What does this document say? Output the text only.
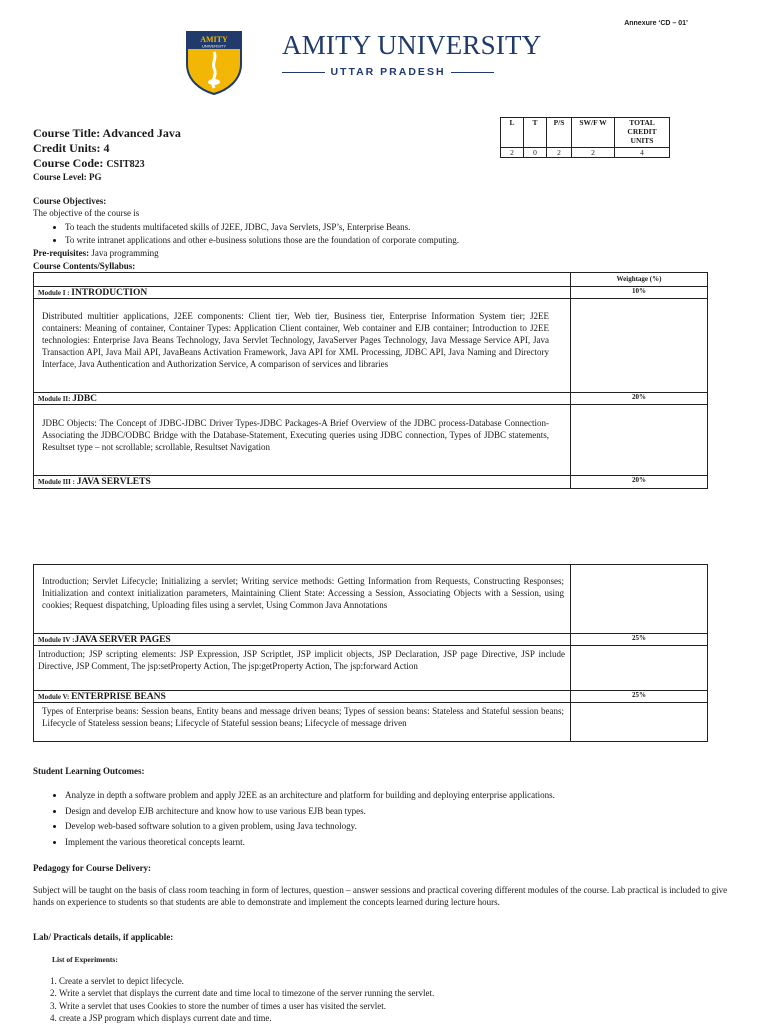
Annexure ‘CD – 01’
AMITY
UNIVERSITY AMITY UNIVERSITY
UTTAR PRADESH
Course Title: Advanced Java
Credit Units: 4
Course Code: CSIT823
Course Level: PG
L	T	P/S	SW/F W	TOTAL CREDIT UNITS
2	0	2	2	4
Course Objectives:
The objective of the course is
• To teach the students multifaceted skills of J2EE, JDBC, Java Servlets, JSP’s, Enterprise Beans.
• To write intranet applications and other e-business solutions those are the foundation of corporate computing.
Pre-requisites: Java programming
Course Contents/Syllabus:
Weightage (%)
Module I : INTRODUCTION	10%
Distributed multitier applications, J2EE components: Client tier, Web tier, Business tier, Enterprise Information System tier; J2EE containers: Meaning of container, Container Types: Application Client container, Web container and EJB container; Introduction to J2EE technologies: Enterprise Java Beans Technology, Java Servlet Technology, JavaServer Pages Technology, Java Message Service API, Java Transaction API, Java Mail API, JavaBeans Activation Framework, Java API for XML Processing, JDBC API, Java Naming and Directory Interface, Java Authentication and Authorization Service, A comparison of services and libraries
Module II: JDBC	20%
JDBC Objects: The Concept of JDBC-JDBC Driver Types-JDBC Packages-A Brief Overview of the JDBC process-Database Connection-Associating the JDBC/ODBC Bridge with the Database-Statement, Executing queries using JDBC connection, Types of JDBC statements, Resultset type – not scrollable; scrollable, Resultset Navigation
Module III : JAVA SERVLETS	20%
Introduction; Servlet Lifecycle; Initializing a servlet; Writing service methods: Getting Information from Requests, Constructing Responses; Initialization and context initialization parameters, Maintaining Client State: Accessing a Session, Associating Objects with a Session, using cookies; Request dispatching, Uploading files using a servlet, Using Common Java Annotations
Module IV :JAVA SERVER PAGES	25%
Introduction; JSP scripting elements: JSP Expression, JSP Scriptlet, JSP implicit objects, JSP Declaration, JSP page Directive, JSP include Directive, JSP Comment, The jsp:setProperty Action, The jsp:getProperty Action, The jsp:forward Action
Module V: ENTERPRISE BEANS	25%
Types of Enterprise beans: Session beans, Entity beans and message driven beans; Types of session beans: Stateless and Stateful session beans; Lifecycle of Stateless session beans; Lifecycle of Stateful session beans; Lifecycle of message driven
Student Learning Outcomes:
• Analyze in depth a software problem and apply J2EE as an architecture and platform for building and deploying enterprise applications.
• Design and develop EJB architecture and know how to use various EJB bean types.
• Develop web-based software solution to a given problem, using Java technology.
• Implement the various theoretical concepts learnt.
Pedagogy for Course Delivery:
Subject will be taught on the basis of class room teaching in form of lectures, question – answer sessions and practical covering different modules of the course. Lab practical is included to give hands on experience to students so that students are able to demonstrate and implement the concepts learned during lecture hours.
Lab/ Practicals details, if applicable:
List of Experiments:
1. Create a servlet to depict lifecycle.
2. Write a servlet that displays the current date and time local to timezone of the server running the servlet.
3. Write a servlet that uses Cookies to store the number of times a user has visited the servlet.
4. create a JSP program which displays current date and time.
